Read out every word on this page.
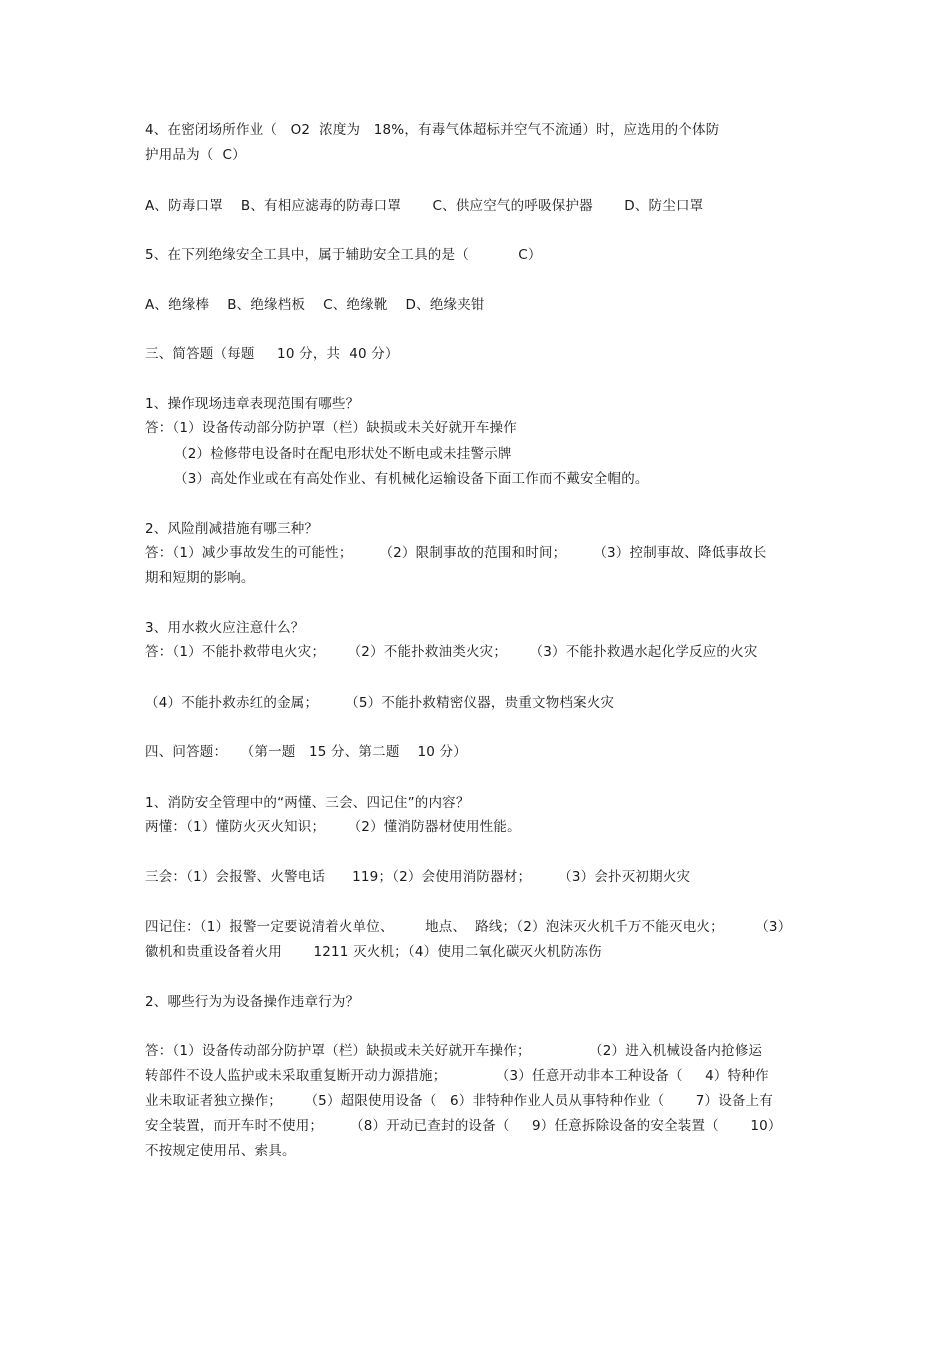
4、在密闭场所作业（   O2  浓度为   18%，有毒气体超标并空气不流通）时，应选用的个体防
护用品为（  C）
A、防毒口罩    B、有相应滤毒的防毒口罩       C、供应空气的呼吸保护器       D、防尘口罩
5、在下列绝缘安全工具中，属于辅助安全工具的是（           C）
A、绝缘棒    B、绝缘档板    C、绝缘靴    D、绝缘夹钳
三、简答题（每题     10 分，共  40 分）
1、操作现场违章表现范围有哪些？
答：（1）设备传动部分防护罩（栏）缺损或未关好就开车操作
（2）检修带电设备时在配电形状处不断电或未挂警示牌
（3）高处作业或在有高处作业、有机械化运输设备下面工作而不戴安全帽的。
2、风险削减措施有哪三种？
答：（1）减少事故发生的可能性；      （2）限制事故的范围和时间；      （3）控制事故、降低事故长
期和短期的影响。
3、用水救火应注意什么？
答：（1）不能扑救带电火灾；     （2）不能扑救油类火灾；     （3）不能扑救遇水起化学反应的火灾
（4）不能扑救赤红的金属；      （5）不能扑救精密仪器，贵重文物档案火灾
四、问答题：   （第一题   15 分、第二题    10 分）
1、消防安全管理中的“两懂、三会、四记住”的内容？
两懂：（1）懂防火灭火知识；     （2）懂消防器材使用性能。
三会：（1）会报警、火警电话      119；（2）会使用消防器材；      （3）会扑灭初期火灾
四记住：（1）报警一定要说清着火单位、       地点、  路线；（2）泡沫灭火机千万不能灭电火；       （3）
徽机和贵重设备着火用       1211 灭火机；（4）使用二氧化碳灭火机防冻伤
2、哪些行为为设备操作违章行为？
答：（1）设备传动部分防护罩（栏）缺损或未关好就开车操作；             （2）进入机械设备内抢修运
转部件不设人监护或未采取重复断开动力源措施；           （3）任意开动非本工种设备（     4）特种作
业未取证者独立操作；     （5）超限使用设备（   6）非特种作业人员从事特种作业（       7）设备上有
安全装置，而开车时不使用；      （8）开动已查封的设备（     9）任意拆除设备的安全装置（       10）
不按规定使用吊、索具。
